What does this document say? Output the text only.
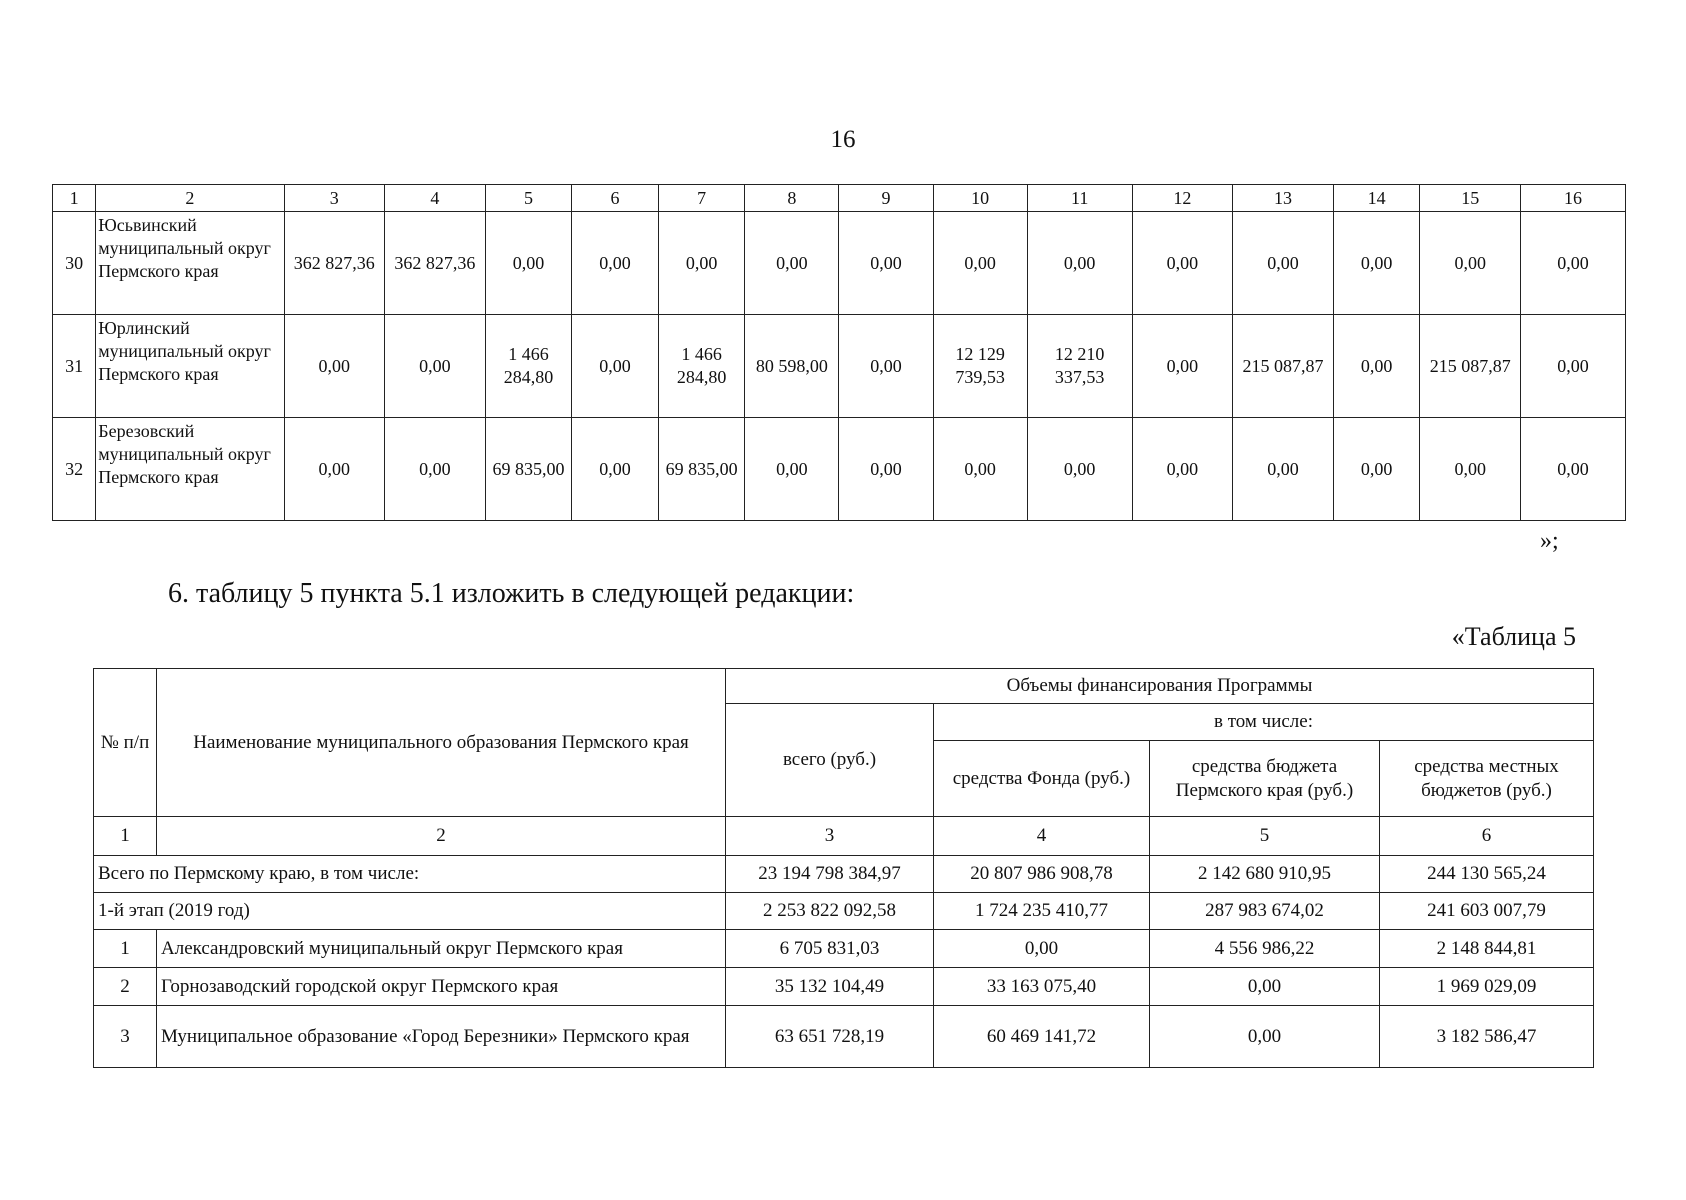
16
1	2	3	4	5	6	7	8	9	10	11	12	13	14	15	16
30	Юсьвинский муниципальный округ Пермского края	362 827,36	362 827,36	0,00	0,00	0,00	0,00	0,00	0,00	0,00	0,00	0,00	0,00	0,00	0,00
31	Юрлинский муниципальный округ Пермского края	0,00	0,00	1 466 284,80	0,00	1 466 284,80	80 598,00	0,00	12 129 739,53	12 210 337,53	0,00	215 087,87	0,00	215 087,87	0,00
32	Березовский муниципальный округ Пермского края	0,00	0,00	69 835,00	0,00	69 835,00	0,00	0,00	0,00	0,00	0,00	0,00	0,00	0,00	0,00
»;
6. таблицу 5 пункта 5.1 изложить в следующей редакции:
«Таблица 5
№ п/п	Наименование муниципального образования Пермского края	Объемы финансирования Программы			
		всего (руб.)	в том числе:		
			средства Фонда (руб.)	средства бюджета Пермского края (руб.)	средства местных бюджетов (руб.)
1	2	3	4	5	6
Всего по Пермскому краю, в том числе:		23 194 798 384,97	20 807 986 908,78	2 142 680 910,95	244 130 565,24
1-й этап (2019 год)		2 253 822 092,58	1 724 235 410,77	287 983 674,02	241 603 007,79
1	Александровский муниципальный округ Пермского края	6 705 831,03	0,00	4 556 986,22	2 148 844,81
2	Горнозаводский городской округ Пермского края	35 132 104,49	33 163 075,40	0,00	1 969 029,09
3	Муниципальное образование «Город Березники» Пермского края	63 651 728,19	60 469 141,72	0,00	3 182 586,47
